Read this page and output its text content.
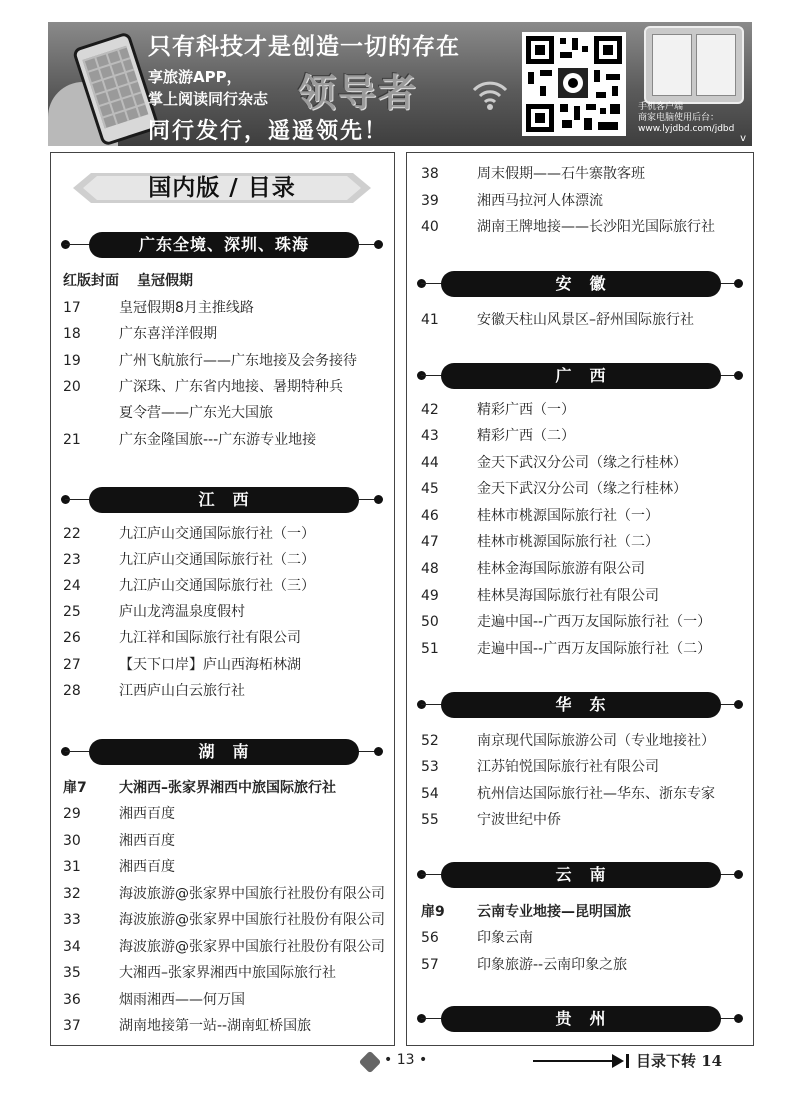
只有科技才是创造一切的存在
享旅游APP，
掌上阅读同行杂志 领导者
同行发行，遥遥领先！
手机客户端
商家电脑使用后台：
www.lyjdbd.com/jdbd
v
国内版 / 目录
广东全境、深圳、珠海
红版封面 皇冠假期
17	皇冠假期8月主推线路
18	广东喜洋洋假期
19	广州飞航旅行——广东地接及会务接待
20	广深珠、广东省内地接、暑期特种兵
夏令营——广东光大国旅
21	广东金隆国旅---广东游专业地接
江　西
22	九江庐山交通国际旅行社（一）
23	九江庐山交通国际旅行社（二）
24	九江庐山交通国际旅行社（三）
25	庐山龙湾温泉度假村
26	九江祥和国际旅行社有限公司
27	【天下口岸】庐山西海柘林湖
28	江西庐山白云旅行社
湖　南
扉7	大湘西–张家界湘西中旅国际旅行社
29	湘西百度
30	湘西百度
31	湘西百度
32	海波旅游@张家界中国旅行社股份有限公司
33	海波旅游@张家界中国旅行社股份有限公司
34	海波旅游@张家界中国旅行社股份有限公司
35	大湘西–张家界湘西中旅国际旅行社
36	烟雨湘西——何万国
37	湖南地接第一站--湖南虹桥国旅
38	周末假期——石牛寨散客班
39	湘西马拉河人体漂流
40	湖南王牌地接——长沙阳光国际旅行社
安　徽
41	安徽天柱山风景区–舒州国际旅行社
广　西
42	精彩广西（一）
43	精彩广西（二）
44	金天下武汉分公司（缘之行桂林）
45	金天下武汉分公司（缘之行桂林）
46	桂林市桃源国际旅行社（一）
47	桂林市桃源国际旅行社（二）
48	桂林金海国际旅游有限公司
49	桂林昊海国际旅行社有限公司
50	走遍中国--广西万友国际旅行社（一）
51	走遍中国--广西万友国际旅行社（二）
华　东
52	南京现代国际旅游公司（专业地接社）
53	江苏铂悦国际旅行社有限公司
54	杭州信达国际旅行社—华东、浙东专家
55	宁波世纪中侨
云　南
扉9	云南专业地接—昆明国旅
56	印象云南
57	印象旅游--云南印象之旅
贵　州
• 13 •	目录下转 14
